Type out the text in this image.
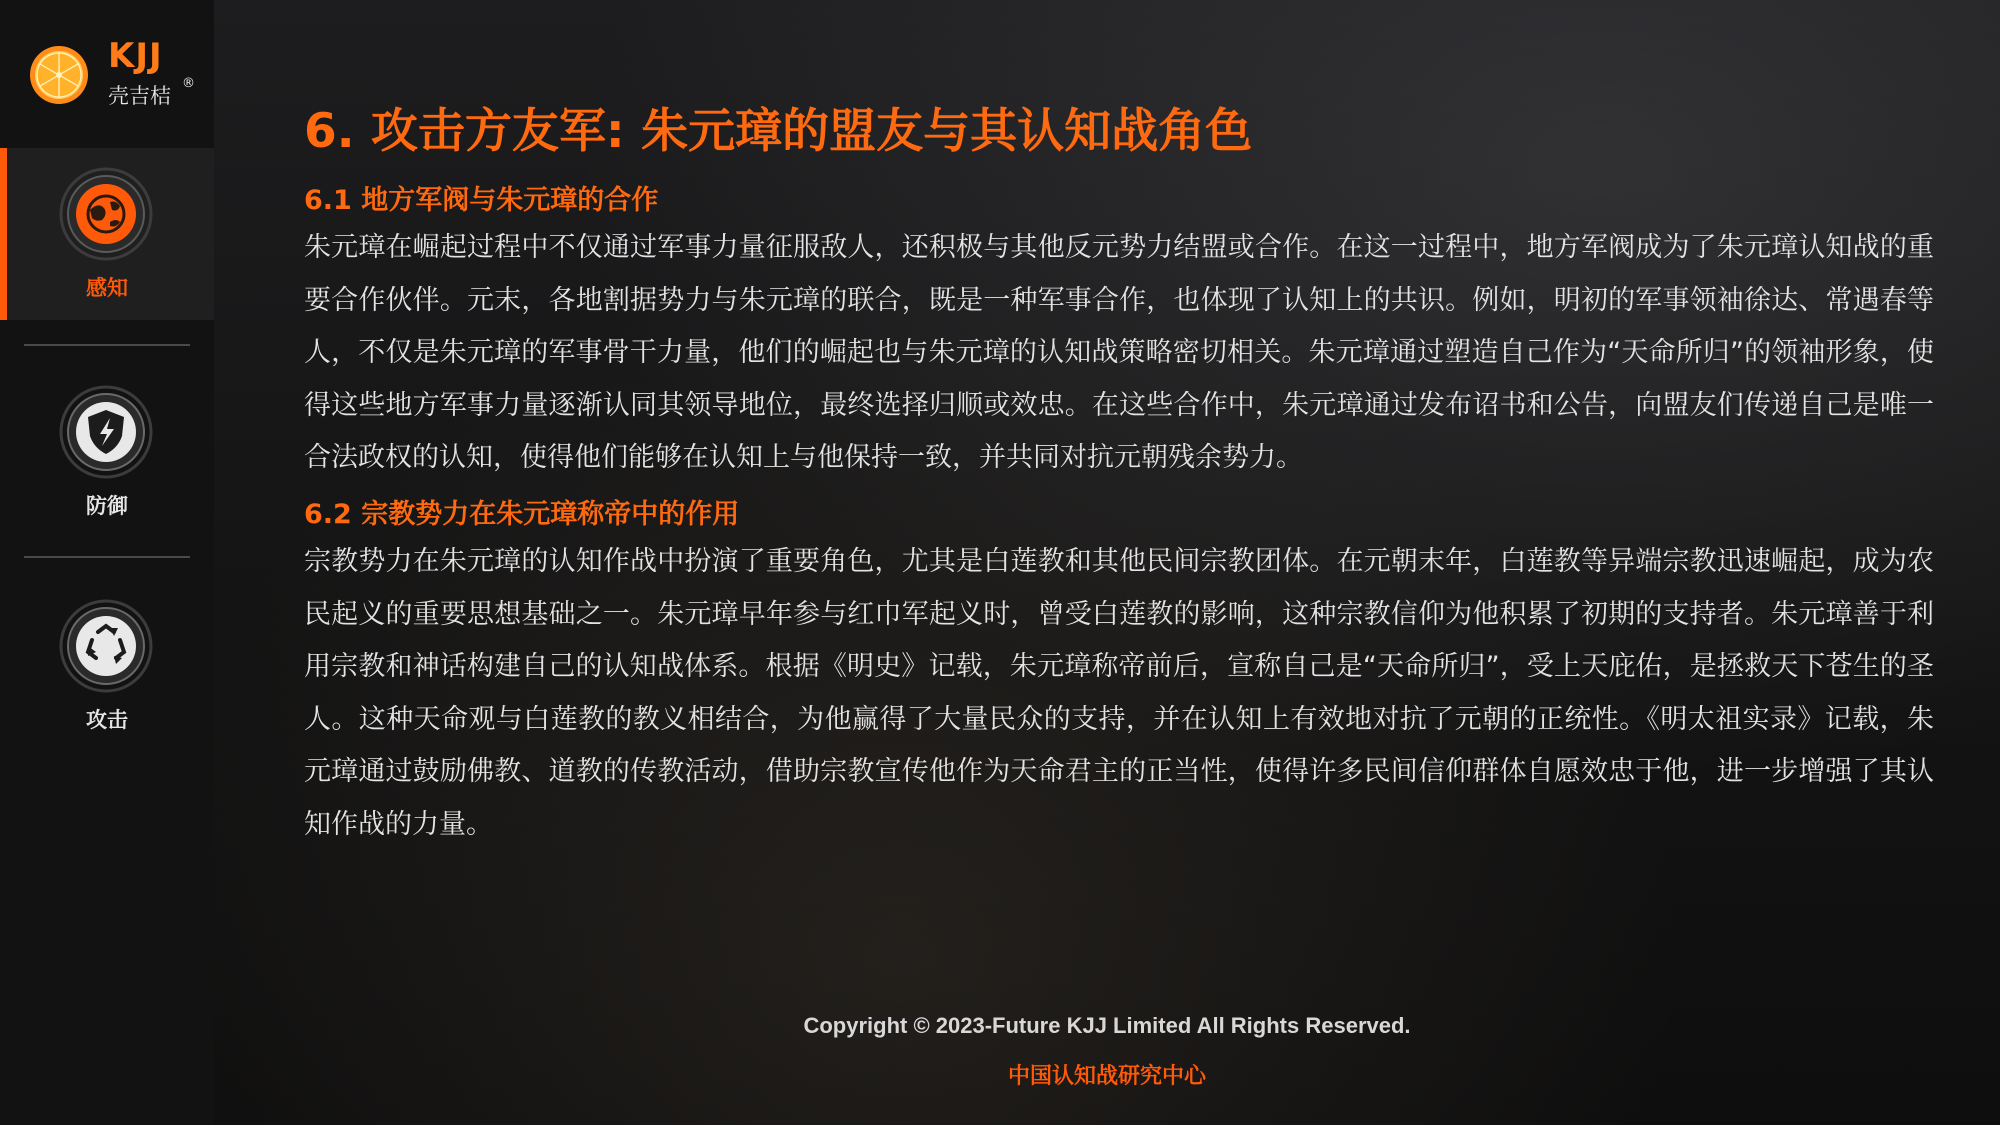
KJJ
壳吉桔
®
感知
防御
攻击
6. 攻击方友军: 朱元璋的盟友与其认知战角色
6.1 地方军阀与朱元璋的合作
朱元璋在崛起过程中不仅通过军事力量征服敌人，还积极与其他反元势力结盟或合作。在这一过程中，地方军阀成为了朱元璋认知战的重要合作伙伴。元末，各地割据势力与朱元璋的联合，既是一种军事合作，也体现了认知上的共识。例如，明初的军事领袖徐达、常遇春等人，不仅是朱元璋的军事骨干力量，他们的崛起也与朱元璋的认知战策略密切相关。朱元璋通过塑造自己作为“天命所归”的领袖形象，使得这些地方军事力量逐渐认同其领导地位，最终选择归顺或效忠。在这些合作中，朱元璋通过发布诏书和公告，向盟友们传递自己是唯一合法政权的认知，使得他们能够在认知上与他保持一致，并共同对抗元朝残余势力。
6.2 宗教势力在朱元璋称帝中的作用
宗教势力在朱元璋的认知作战中扮演了重要角色，尤其是白莲教和其他民间宗教团体。在元朝末年，白莲教等异端宗教迅速崛起，成为农民起义的重要思想基础之一。朱元璋早年参与红巾军起义时，曾受白莲教的影响，这种宗教信仰为他积累了初期的支持者。朱元璋善于利用宗教和神话构建自己的认知战体系。根据《明史》记载，朱元璋称帝前后，宣称自己是“天命所归”，受上天庇佑，是拯救天下苍生的圣人。这种天命观与白莲教的教义相结合，为他赢得了大量民众的支持，并在认知上有效地对抗了元朝的正统性。《明太祖实录》记载，朱元璋通过鼓励佛教、道教的传教活动，借助宗教宣传他作为天命君主的正当性，使得许多民间信仰群体自愿效忠于他，进一步增强了其认知作战的力量。
Copyright © 2023-Future KJJ Limited All Rights Reserved.
中国认知战研究中心
